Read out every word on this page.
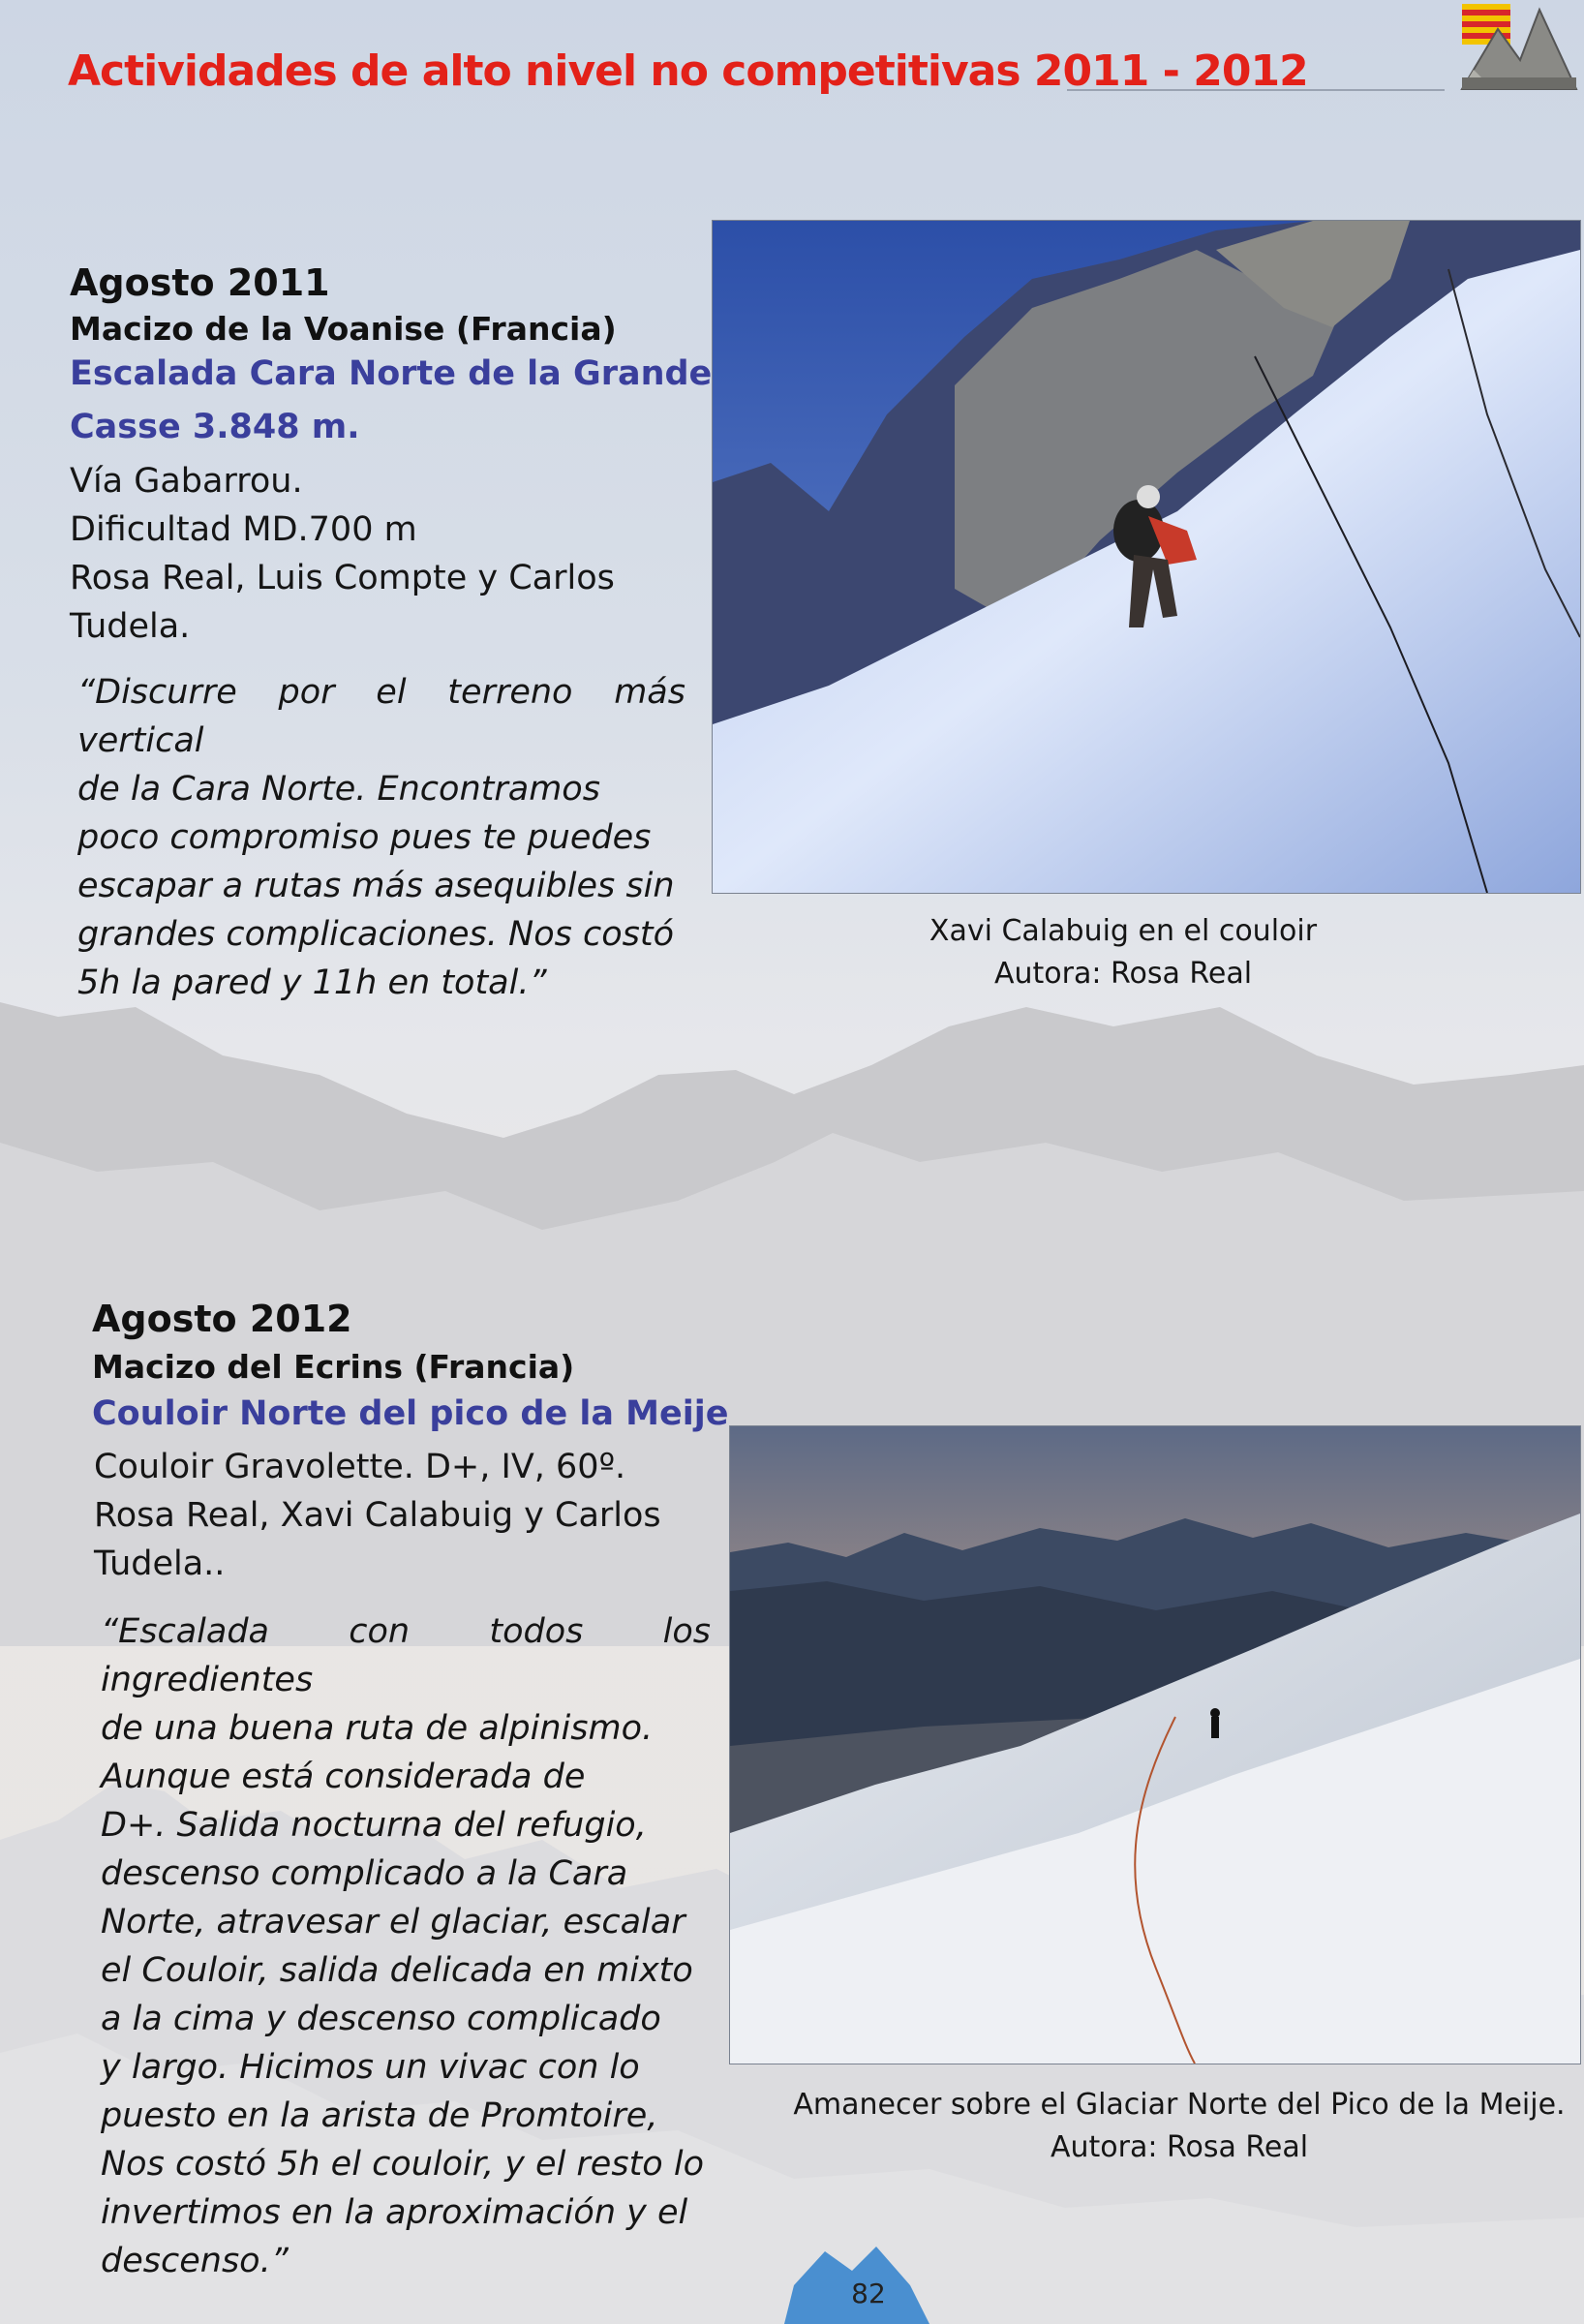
Actividades de alto nivel no competitivas 2011 - 2012
Agosto 2011
Macizo de la Voanise (Francia)
Escalada Cara Norte de la Grande
Casse 3.848 m.
Vía Gabarrou.
Dificultad MD.700 m
Rosa Real, Luis Compte y Carlos
Tudela.
“Discurre por el terreno más vertical
de la Cara Norte. Encontramos
poco compromiso pues te puedes
escapar a rutas más asequibles sin
grandes complicaciones. Nos costó
5h la pared y 11h en total.”
Xavi Calabuig en el couloir
Autora: Rosa Real
Agosto 2012
Macizo del Ecrins (Francia)
Couloir Norte del pico de la Meije
Couloir Gravolette. D+, IV, 60º.
Rosa Real, Xavi Calabuig y Carlos
Tudela..
“Escalada con todos los ingredientes
de una buena ruta de alpinismo.
Aunque está considerada de
D+. Salida nocturna del refugio,
descenso complicado a la Cara
Norte, atravesar el glaciar, escalar
el Couloir, salida delicada en mixto
a la cima y descenso complicado
y largo. Hicimos un vivac con lo
puesto en la arista de Promtoire,
Nos costó 5h el couloir, y el resto lo
invertimos en la aproximación y el
descenso.”
Amanecer sobre el Glaciar Norte del Pico de la Meije.
Autora: Rosa Real
82
